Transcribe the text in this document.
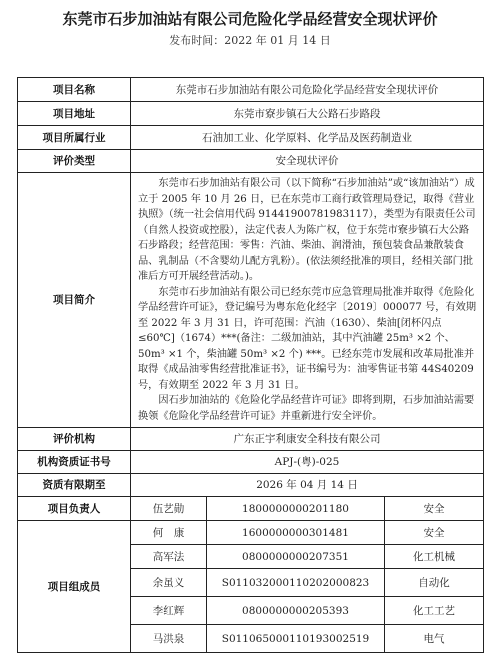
东莞市石步加油站有限公司危险化学品经营安全现状评价
发布时间：2022 年 01 月 14 日
项目名称	东莞市石步加油站有限公司危险化学品经营安全现状评价		
项目地址	东莞市寮步镇石大公路石步路段		
项目所属行业	石油加工业、化学原料、化学品及医药制造业		
评价类型	安全现状评价		
项目简介	东莞市石步加油站有限公司（以下简称“石步加油站”或“该加油站”）成立于 2005 年 10 月 26 日，已在东莞市工商行政管理局登记，取得《营业执照》（统一社会信用代码 91441900781983117），类型为有限责任公司（自然人投资或控股），法定代表人为陈广权，位于东莞市寮步镇石大公路石步路段；经营范围：零售：汽油、柴油、润滑油，预包装食品兼散装食品、乳制品（不含婴幼儿配方乳粉）。(依法须经批准的项目，经相关部门批准后方可开展经营活动。)。

东莞市石步加油站有限公司已经东莞市应急管理局批准并取得《危险化学品经营许可证》，登记编号为粤东危化经字〔2019〕000077 号，有效期至 2022 年 3 月 31 日，许可范围：汽油（1630）、柴油[闭杯闪点≤60℃]（1674）***(备注：二级加油站，其中汽油罐 25m³ ×2 个、50m³ ×1 个，柴油罐 50m³ ×2 个) ***。已经东莞市发展和改革局批准并取得《成品油零售经营批准证书》，证书编号为：油零售证书第 44S40209 号，有效期至 2022 年 3 月 31 日。

因石步加油站的《危险化学品经营许可证》即将到期，石步加油站需要换领《危险化学品经营许可证》并重新进行安全评价。		

评价机构	广东正宇利康安全科技有限公司		
机构资质证书号	APJ-(粤)-025		
资质有限期至	2026 年 04 月 14 日		
项目负责人	伍艺勋	1800000000201180	安全
项目组成员	何　康	1600000000301481	安全
	高军法	0800000000207351	化工机械
	余虽义	S011032000110202000823	自动化
	李红辉	0800000000205393	化工工艺
	马洪泉	S011065000110193002519	电气
